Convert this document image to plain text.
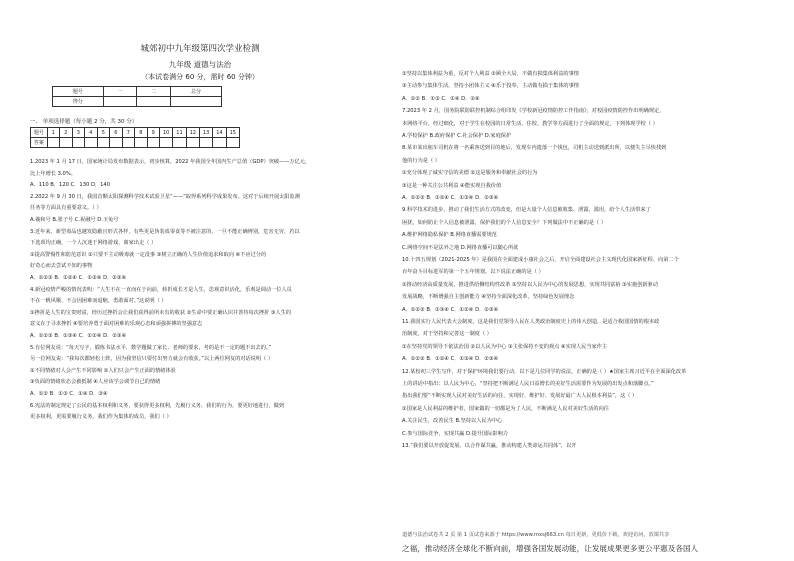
城郊初中九年级第四次学业检测
九年级 道德与法治
（本试卷满分 60 分，需时 60 分钟）
题号	一	二	总分
得分			
一、 单项选择题（每小题 2 分，共 30 分）
题号	1	2	3	4	5	6	7	8	9	10	11	12	13	14	15
答案															
1.2023 年 1 月 17 日，国家统计局发布数据表示，初步核算，2022 年我国全年国内生产总值（GDP）突破——万亿元，
比上年增长 3.0%。
A．110 B．120 C．130 D．140
2.2022 年 9 月 30 日，我国首颗太阳探测科学技术试验卫星“——”取得系列科学成果发布。这对于后续开展太阳监测
任务等方面具有重要意义。（ ）
A.羲和号 B.墨子号 C.祝融号 D.玉兔号
3.近年来，新型毒品也越发隐蔽且形式各样，有些更是伪装成零食等不被注意的，一旦不能正确辨别，危害无穷，若以
下选项均正确，一个人沉迷于网络游戏，离家出走（ ）
①提高警惕性和防范意识 ②只要不主动吸毒就一定没事 ③树立正确的人生价值追求和取向 ④不应过分的
好奇心而去尝试不知的事物
A．①②③ B．①②④ C．①③④ D．②③④
4.新冠疫情严峻的情况表明：“人生不在一直而在于向前，转折成长才是人生，思观意识活化，乐观是调动一位人员
不在一帆风顺、不会因困难而退缩，勇敢面对。”这说明（ ）
①挫折是人生的宝贵财富，经历过挫折会让我们获得前所未有的收获 ②生命中要正确认识并善待每次挫折 ③人生的
意义在于寻求挫折 ④要培养勇于面对困难的乐观心态和顽强拼搏的坚强意志
A．①②③ B．①③④ C．①②④ D．②③④
5.有位网友说：“每天写字，锻炼书法水平，数学题做了家长、老师的要求，考的是不一定的题不出去的。”
另一位网友说：“我每次都轻松上阵，因为我坚信只要付出努力就会有收获。”以上两位网友的对话说明（ ）
①不同情绪对人会产生不同影响 ②人们只会产生正面的情绪体验
③负面的情绪状态会被抵制 ④人应该学会调节自己的情绪
A．①② B．①③ C．①④ D．③④
6.宪法的制定规定了公民的基本权利和义务，要获得更多权利，先履行义务，我们的行为，要更好地进行，做到
更多权利，更需要履行义务。我们作为集体的成员，我们（ ）
①坚持以集体利益为重，反对个人利益 ②顾全大局，不做有损集体利益的事情
③主动参与集体生活，坚持小团体主义 ④乐于投奉，主动做有损于集体的事情
A．①② B．①③ C．①④ D．②④
7.2023 年 2 月，国务院联防联控机制综合组印发《学校新冠疫情防控工作指南》，对校园疫情防控作出明确规定，
本网络平台，经过细化，对于学生在校园的日常生活、住校、教学等方面进行了全面的规定，下列体现学校（ ）
A.学校保护 B.政府保护 C.社会保护 D.家庭保护
8.某市某出租车司机在将一名乘客送到目的地后，发现车内遗落一个钱包，司机主动送到派出所，以便失主尽快找到
他的行为是（ ）
①充分体现了诚实守信的美德 ②这是服务和奉献社会的行为
③这是一种关注公共利益 ④能实现自我价值
A．①②③ B．①②④ C．①③④ D．②③④
9.科学技术的进步，推动了我们生活方式的改变，但是大量个人信息被收集、泄露、滥用，给个人生活带来了
困扰，如何防止个人信息被泄露，保护我们的个人信息安全？下列做法中不正确的是（ ）
A.维护网络隐私保护 B.网络直播需要规范
C.网络空间不是法外之地 D.网络直播可以随心所欲
10.十四五规划（2021-2025 年）是我国在全面建成小康社会之后，开启全面建设社会主义现代化国家新征程、向第二个
百年奋斗目标进军的第一个五年规划。以下说法正确的是（ ）
①推动经济高质量发展，推进供给侧结构性改革 ②坚持以人民为中心的发展思想，实现共同富裕 ③实施创新驱动
发展战略，不断增强自主创新能力 ④坚持全面深化改革，坚持绿色发展理念
A．①②③ B．①③④ C．①②④ D．②③④
11.我国实行人民代表大会制度，这是我们党领导人民在人类政治制度史上的伟大创造，是适合我国国情的根本政
治制度，对于坚持和完善这一制度（ ）
①在坚持党的领导下依法治国 ②以人民为中心 ③主张保持不变的观点 ④实现人民当家作主
A．①②③ B．①②④ C．①③④ D．②③④
12.某校初三学生写作，对于保护环境我们要行动，以下是几位同学的说法，正确的是（ ）★国家主席习近平在全面深化改革
上的讲话中指出：以人民为中心，“坚持把不断满足人民日益增长的美好生活需要作为发展的出发点和落脚点。”
指出我们要“不断实现人民对美好生活的向往，实现好、维护好、发展好最广大人民根本利益”，这（ ）
①国家是人民利益的维护者，国家做的一切都是为了人民，不断满足人民对美好生活的向往
A.关注民生，改善民生 B.坚持以人民为中心
C.参与国际竞争，实现共赢 D.提升国际影响力
13.“我们要以开放促发展、以合作谋共赢，推动构建人类命运共同体”，以开
道德与法治试卷共 2 页 第 1 页试卷来源于 https://www.mxsj663.cn 每日更新，更低价下载，欢迎访问，放课共享
之福，推动经济全球化不断向前，增强各国发展动能，让发展成果更多更公平惠及各国人
